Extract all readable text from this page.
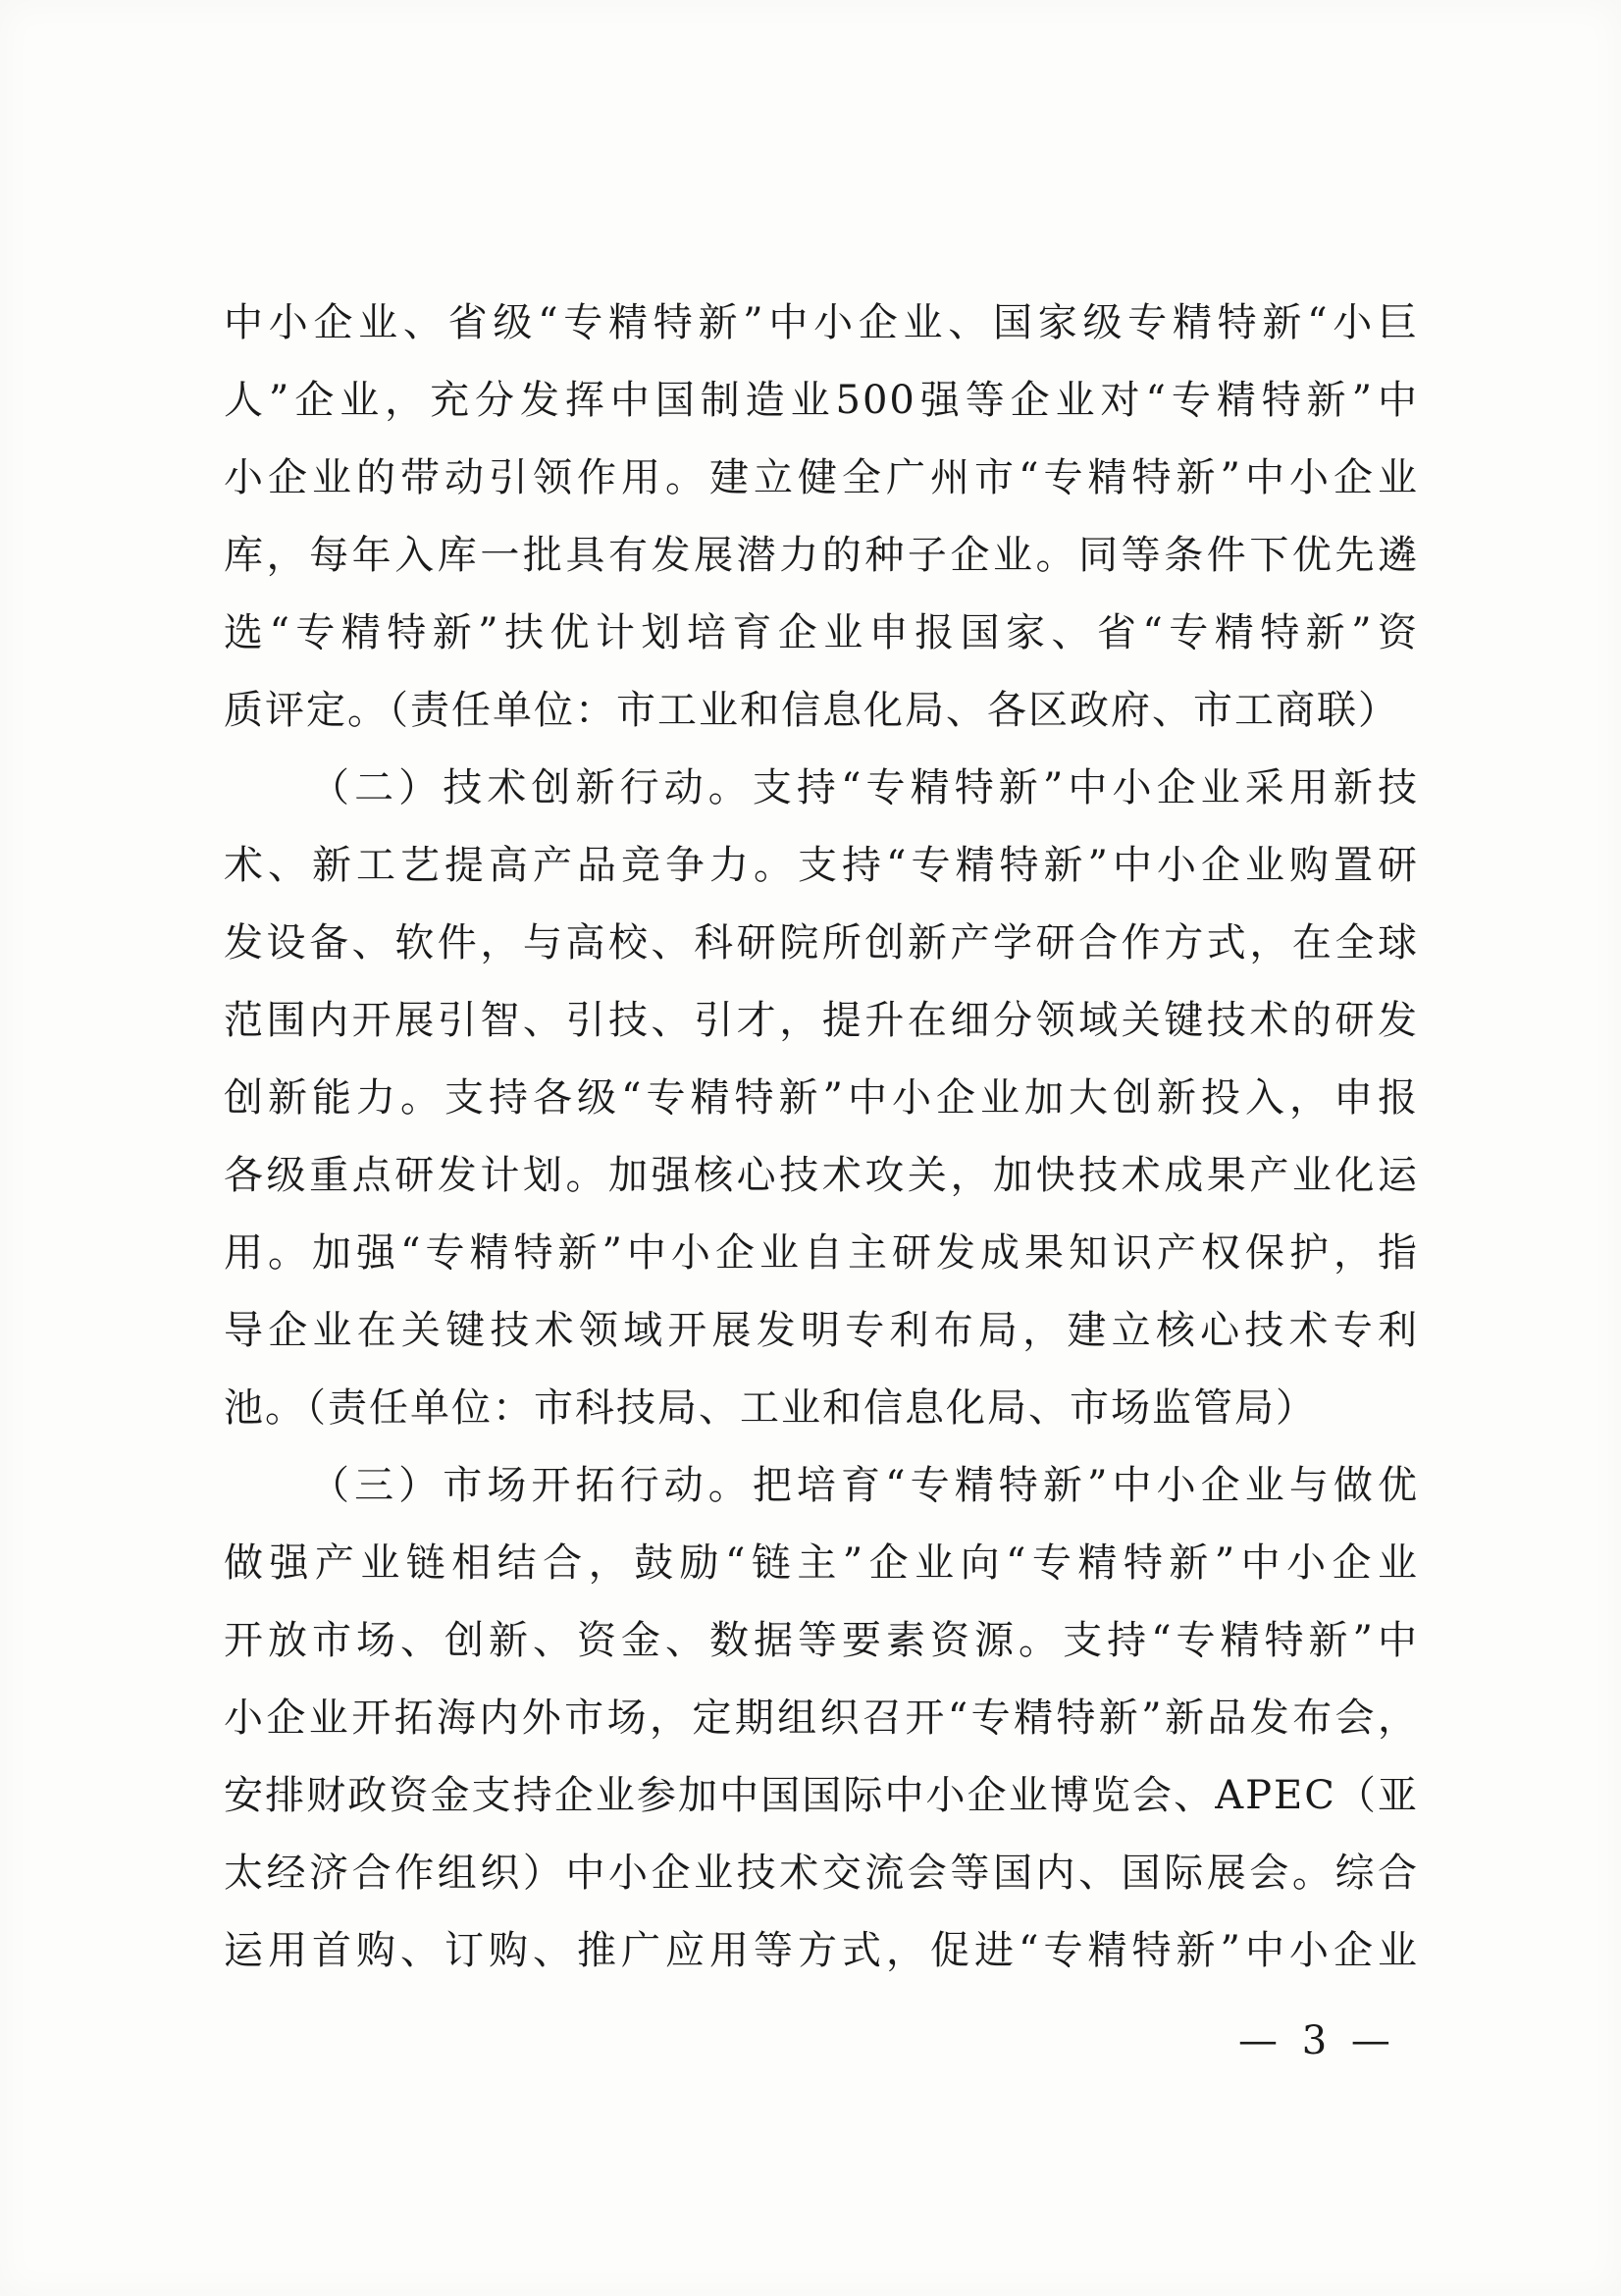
中小企业、省级“专精特新”中小企业、国家级专精特新“小巨
人”企业，充分发挥中国制造业500强等企业对“专精特新”中
小企业的带动引领作用。建立健全广州市“专精特新”中小企业
库，每年入库一批具有发展潜力的种子企业。同等条件下优先遴
选“专精特新”扶优计划培育企业申报国家、省“专精特新”资
质评定。（责任单位：市工业和信息化局、各区政府、市工商联）
（二）技术创新行动。支持“专精特新”中小企业采用新技
术、新工艺提高产品竞争力。支持“专精特新”中小企业购置研
发设备、软件，与高校、科研院所创新产学研合作方式，在全球
范围内开展引智、引技、引才，提升在细分领域关键技术的研发
创新能力。支持各级“专精特新”中小企业加大创新投入，申报
各级重点研发计划。加强核心技术攻关，加快技术成果产业化运
用。加强“专精特新”中小企业自主研发成果知识产权保护，指
导企业在关键技术领域开展发明专利布局，建立核心技术专利
池。（责任单位：市科技局、工业和信息化局、市场监管局）
（三）市场开拓行动。把培育“专精特新”中小企业与做优
做强产业链相结合，鼓励“链主”企业向“专精特新”中小企业
开放市场、创新、资金、数据等要素资源。支持“专精特新”中
小企业开拓海内外市场，定期组织召开“专精特新”新品发布会，
安排财政资金支持企业参加中国国际中小企业博览会、APEC（亚
太经济合作组织）中小企业技术交流会等国内、国际展会。综合
运用首购、订购、推广应用等方式，促进“专精特新”中小企业
— 3 —
